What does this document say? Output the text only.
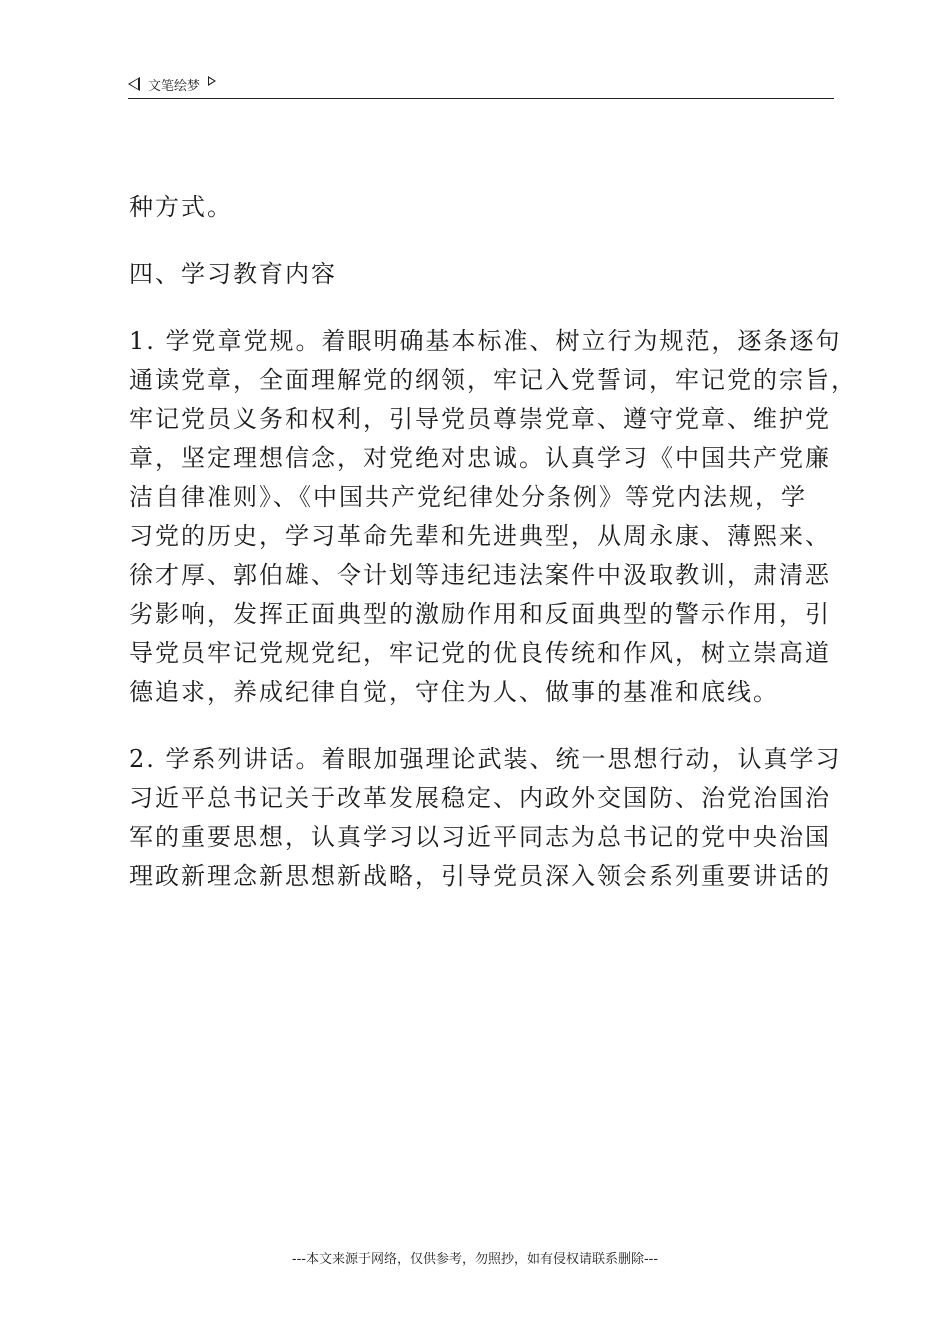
文笔绘梦

种方式。

四、学习教育内容

1. 学党章党规。着眼明确基本标准、树立行为规范，逐条逐句
通读党章，全面理解党的纲领，牢记入党誓词，牢记党的宗旨，
牢记党员义务和权利，引导党员尊崇党章、遵守党章、维护党
章，坚定理想信念，对党绝对忠诚。认真学习《中国共产党廉
洁自律准则》、《中国共产党纪律处分条例》等党内法规，学
习党的历史，学习革命先辈和先进典型，从周永康、薄熙来、
徐才厚、郭伯雄、令计划等违纪违法案件中汲取教训，肃清恶
劣影响，发挥正面典型的激励作用和反面典型的警示作用，引
导党员牢记党规党纪，牢记党的优良传统和作风，树立崇高道
德追求，养成纪律自觉，守住为人、做事的基准和底线。

2. 学系列讲话。着眼加强理论武装、统一思想行动，认真学习
习近平总书记关于改革发展稳定、内政外交国防、治党治国治
军的重要思想，认真学习以习近平同志为总书记的党中央治国
理政新理念新思想新战略，引导党员深入领会系列重要讲话的

---本文来源于网络，仅供参考，勿照抄，如有侵权请联系删除---
